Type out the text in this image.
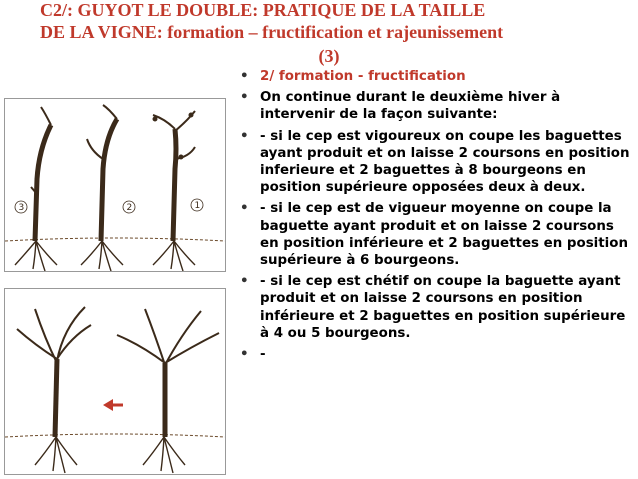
C2/: GUYOT LE DOUBLE: PRATIQUE DE LA TAILLE
DE LA VIGNE: formation – fructification et rajeunissement
(3)
3	2	1
• 2/ formation - fructification
• On continue durant le deuxième hiver à intervenir de la façon suivante:
• - si le cep est vigoureux on coupe les baguettes ayant produit et on laisse 2 coursons en position inferieure et 2 baguettes à 8 bourgeons en position supérieure opposées deux à deux.
• - si le cep est de vigueur moyenne on coupe la baguette ayant produit et on laisse 2 coursons en position inférieure et 2 baguettes en position supérieure à 6 bourgeons.
• - si le cep est chétif on coupe la baguette ayant produit et on laisse 2 coursons en position inférieure et 2 baguettes en position supérieure à 4 ou 5 bourgeons.
• -
